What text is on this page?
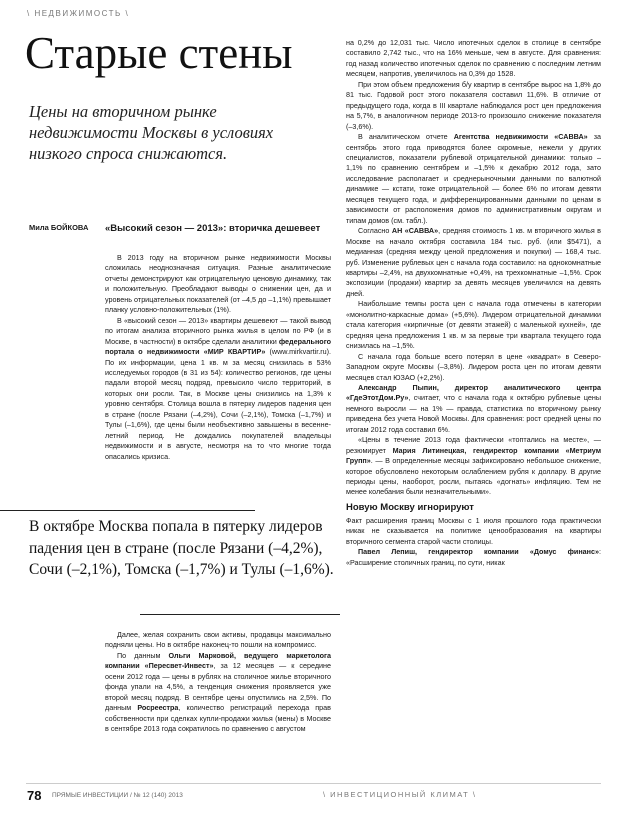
\ НЕДВИЖИМОСТЬ \
Старые стены
Цены на вторичном рынке недвижимости Москвы в условиях низкого спроса снижаются.
Мила БОЙКОВА «Высокий сезон — 2013»: вторичка дешевеет

В 2013 году на вторичном рынке недвижимости Москвы сложилась неоднозначная ситуация. Разные аналитические отчеты демонстрируют как отрицательную ценовую динамику, так и положительную. Преобладают выводы о снижении цен, да и уровень отрицательных показателей (от –4,5 до –1,1%) превышает планку условно-положительных (1%).

В «высокий сезон — 2013» квартиры дешевеют — такой вывод по итогам анализа вторичного рынка жилья в целом по РФ (и в Москве, в частности) в октябре сделали аналитики федерального портала о недвижимости «МИР КВАРТИР» (www.mirkvartir.ru). По их информации, цена 1 кв. м за месяц снизилась в 53% исследуемых городов (в 31 из 54): количество регионов, где цены падали второй месяц подряд, превысило число территорий, в которых они росли. Так, в Москве цены снизились на 1,3% к уровню сентября. Столица вошла в пятерку лидеров падения цен в стране (после Рязани (–4,2%), Сочи (–2,1%), Томска (–1,7%) и Тулы (–1,6%), где цены были необъективно завышены в весенне-летний период. Не дождались покупателей владельцы недвижимости и в августе, несмотря на то что многие тогда опасались кризиса.

В октябре Москва попала в пятерку лидеров падения цен в стране (после Рязани (–4,2%), Сочи (–2,1%), Томска (–1,7%) и Тулы (–1,6%).

Далее, желая сохранить свои активы, продавцы максимально подняли цены. Но в октябре наконец-то пошли на компромисс.

По данным Ольги Марковой, ведущего маркетолога компании «Пересвет-Инвест», за 12 месяцев — к середине осени 2012 года — цены в рублях на столичное жилье вторичного фонда упали на 4,5%, а тенденция снижения проявляется уже второй месяц подряд. В сентябре цены опустились на 2,5%. По данным Росреестра, количество регистраций перехода прав собственности при сделках купли-продажи жилья (мены) в Москве в сентябре 2013 года сократилось по сравнению с августом

на 0,2% до 12,031 тыс. Число ипотечных сделок в столице в сентябре составило 2,742 тыс., что на 16% меньше, чем в августе. Для сравнения: год назад количество ипотечных сделок по сравнению с последним летним месяцем, напротив, увеличилось на 0,3% до 1528.

При этом объем предложения б/у квартир в сентябре вырос на 1,8% до 81 тыс. Годовой рост этого показателя составил 11,6%. В отличие от предыдущего года, когда в III квартале наблюдался рост цен предложения на 5,7%, в аналогичном периоде 2013-го произошло снижение показателя (–3,6%).

В аналитическом отчете Агентства недвижимости «САВВА» за сентябрь этого года приводятся более скромные, нежели у других специалистов, показатели рублевой отрицательной динамики: только –1,1% по сравнению сентябрем и –1,5% к декабрю 2012 года, зато исследование располагает и среднерыночными данными по валютной динамике — кстати, тоже отрицательной — более 6% по итогам девяти месяцев текущего года, и дифференцированными данными по ценам в зависимости от расположения домов по административным округам и типам домов (см. табл.).

Согласно АН «САВВА», средняя стоимость 1 кв. м вторичного жилья в Москве на начало октября составила 184 тыс. руб. (или $5471), а медианная (средняя между ценой предложения и покупки) — 168,4 тыс. руб. Изменение рублевых цен с начала года составило: на однокомнатные квартиры –2,4%, на двухкомнатные +0,4%, на трехкомнатные –1,5%. Срок экспозиции (продажи) квартир за девять месяцев увеличился на девять дней.

Наибольшие темпы роста цен с начала года отмечены в категории «монолитно-каркасные дома» (+5,6%). Лидером отрицательной динамики стала категория «кирпичные (от девяти этажей) с маленькой кухней», где средняя цена предложения 1 кв. м за первые три квартала текущего года снизилась на –1,5%.

С начала года больше всего потерял в цене «квадрат» в Северо-Западном округе Москвы (–3,8%). Лидером роста цен по итогам девяти месяцев стал ЮЗАО (+2,2%).

Александр Пыпин, директор аналитического центра «ГдеЭтотДом.Ру», считает, что с начала года к октябрю рублевые цены немного выросли — на 1% — правда, статистика по вторичному рынку приведена без учета Новой Москвы. Для сравнения: рост средней цены по итогам 2012 года составил 6%.

«Цены в течение 2013 года фактически «топтались на месте», — резюмирует Мария Литинецкая, гендиректор компании «Метриум Групп». — В определенные месяцы зафиксировано небольшое снижение, которое обусловлено некоторым ослаблением рубля к доллару. В другие периоды цены, наоборот, росли, пытаясь «догнать» инфляцию. Тем не менее колебания были незначительными».

Новую Москву игнорируют

Факт расширения границ Москвы с 1 июля прошлого года практически никак не сказывается на политике ценообразования на квартиры вторичного сегмента старой части столицы.

Павел Лепиш, гендиректор компании «Домус финанс»: «Расширение столичных границ, по сути, никак

78 ПРЯМЫЕ ИНВЕСТИЦИИ / № 12 (140) 2013	\ ИНВЕСТИЦИОННЫЙ КЛИМАТ \
